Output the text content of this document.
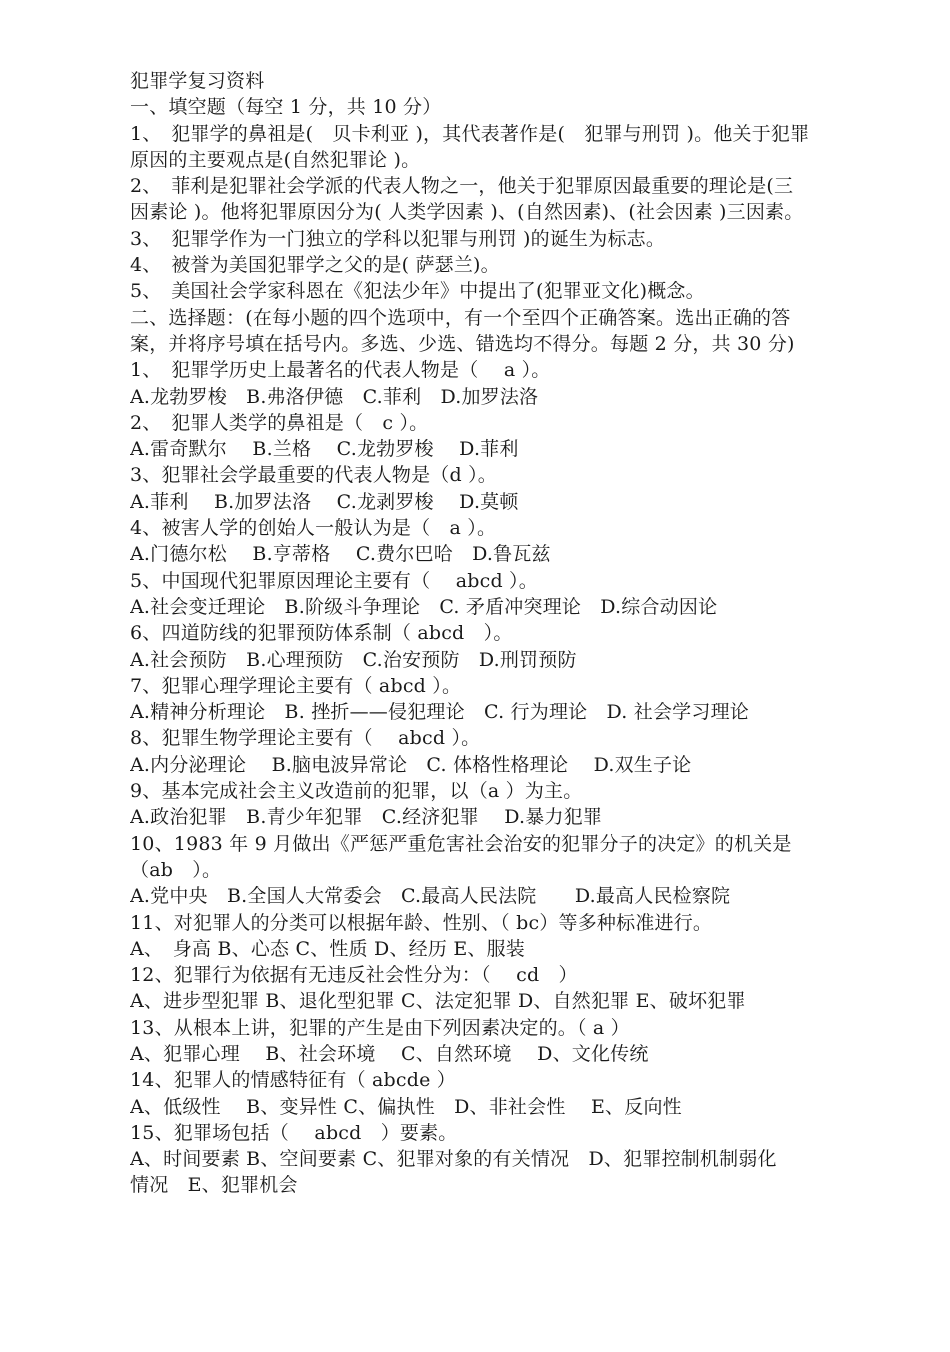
犯罪学复习资料
一、填空题（每空 1 分，共 10 分）
1、　犯罪学的鼻祖是(　贝卡利亚 )，其代表著作是(　犯罪与刑罚 )。他关于犯罪
原因的主要观点是(自然犯罪论 )。
2、　菲利是犯罪社会学派的代表人物之一，他关于犯罪原因最重要的理论是(三
因素论 )。他将犯罪原因分为( 人类学因素 )、(自然因素)、(社会因素 )三因素。
3、　犯罪学作为一门独立的学科以犯罪与刑罚 )的诞生为标志。
4、　被誉为美国犯罪学之父的是( 萨瑟兰)。
5、　美国社会学家科恩在《犯法少年》中提出了(犯罪亚文化)概念。
二、选择题：(在每小题的四个选项中，有一个至四个正确答案。选出正确的答
案，并将序号填在括号内。多选、少选、错选均不得分。每题 2 分，共 30 分)
1、　犯罪学历史上最著名的代表人物是（　 a ）。
A.龙勃罗梭　B.弗洛伊德　C.菲利　D.加罗法洛
2、　犯罪人类学的鼻祖是（　c ）。
A.雷奇默尔　 B.兰格　 C.龙勃罗梭　 D.菲利
3、犯罪社会学最重要的代表人物是（d ）。
A.菲利　 B.加罗法洛　 C.龙剥罗梭　 D.莫顿
4、被害人学的创始人一般认为是（　a ）。
A.门德尔松　 B.亨蒂格　 C.费尔巴哈　D.鲁瓦兹
5、中国现代犯罪原因理论主要有（　 abcd ）。
A.社会变迁理论　B.阶级斗争理论　C. 矛盾冲突理论　D.综合动因论
6、四道防线的犯罪预防体系制（ abcd　）。
A.社会预防　B.心理预防　C.治安预防　D.刑罚预防
7、犯罪心理学理论主要有（ abcd ）。
A.精神分析理论　B. 挫折——侵犯理论　C. 行为理论　D. 社会学习理论
8、犯罪生物学理论主要有（　 abcd ）。
A.内分泌理论　 B.脑电波异常论　C. 体格性格理论　 D.双生子论
9、基本完成社会主义改造前的犯罪，以（a ）为主。
A.政治犯罪　B.青少年犯罪　C.经济犯罪　 D.暴力犯罪
10、1983 年 9 月做出《严惩严重危害社会治安的犯罪分子的决定》的机关是
（ab　）。
A.党中央　B.全国人大常委会　C.最高人民法院　　D.最高人民检察院
11、对犯罪人的分类可以根据年龄、性别、（ bc）等多种标准进行。
A、　身高 B、心态 C、性质 D、经历 E、服装
12、犯罪行为依据有无违反社会性分为：（　 cd　）
A、进步型犯罪 B、退化型犯罪 C、法定犯罪 D、自然犯罪 E、破坏犯罪
13、从根本上讲，犯罪的产生是由下列因素决定的。（ a ）
A、犯罪心理　 B、社会环境　 C、自然环境　 D、文化传统
14、犯罪人的情感特征有（ abcde ）
A、低级性　 B、变异性 C、偏执性　D、非社会性　 E、反向性
15、犯罪场包括（　 abcd　）要素。
A、时间要素 B、空间要素 C、犯罪对象的有关情况　D、犯罪控制机制弱化
情况　E、犯罪机会
